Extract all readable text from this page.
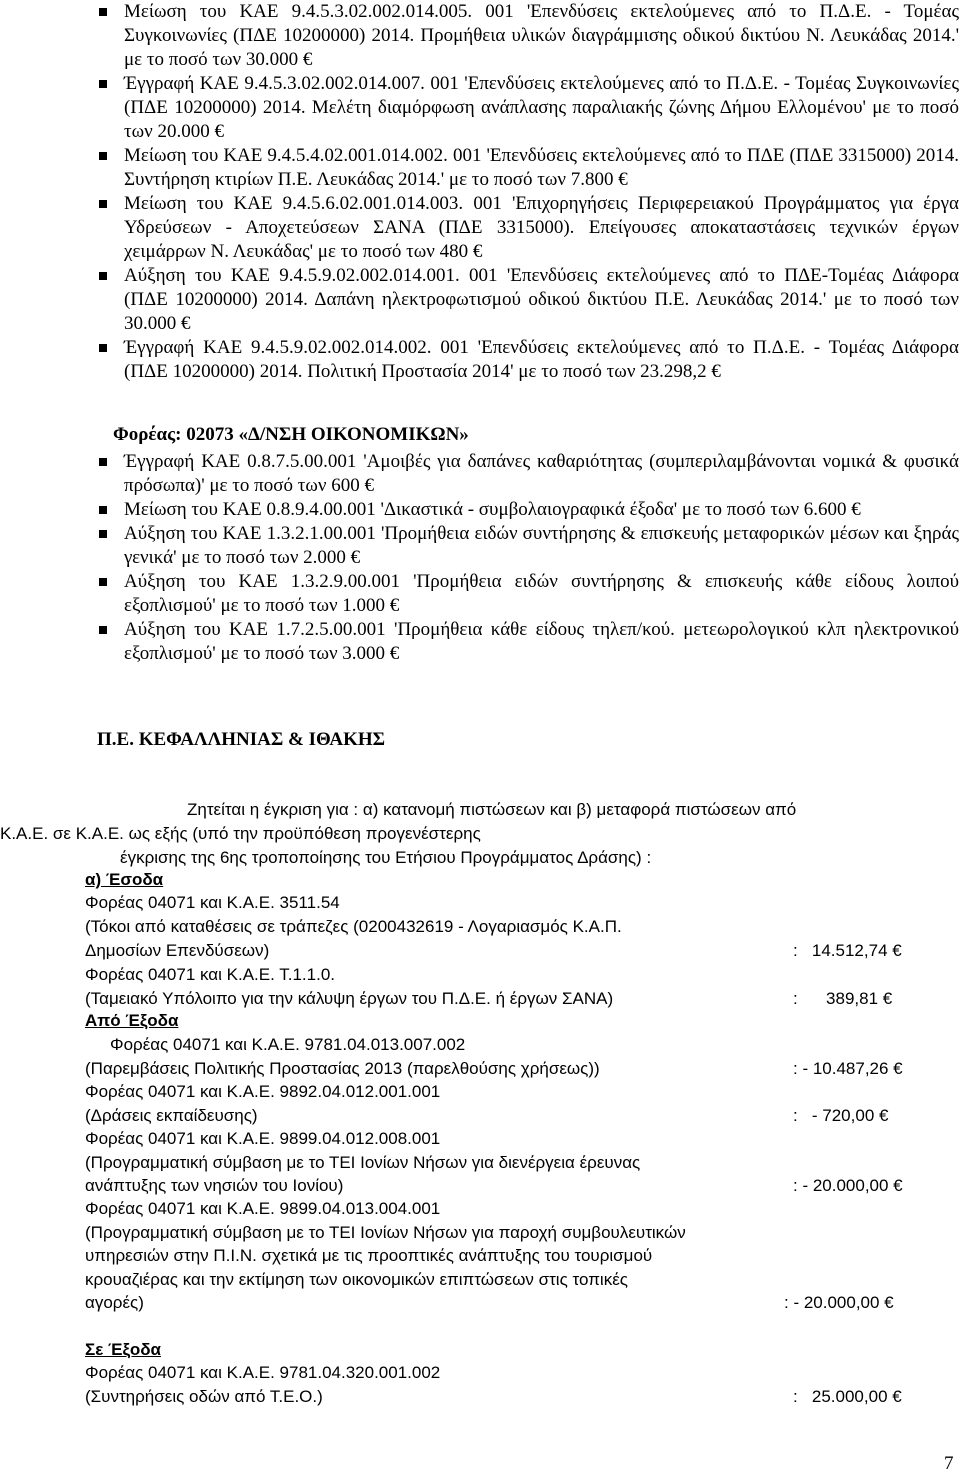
Μείωση του ΚΑΕ 9.4.5.3.02.002.014.005. 001 'Επενδύσεις εκτελούμενες από το Π.Δ.Ε. - Τομέας Συγκοινωνίες (ΠΔΕ 10200000) 2014. Προμήθεια υλικών διαγράμμισης οδικού δικτύου Ν. Λευκάδας 2014.' με το ποσό των 30.000 €
Έγγραφή ΚΑΕ 9.4.5.3.02.002.014.007. 001 'Επενδύσεις εκτελούμενες από το Π.Δ.Ε. - Τομέας Συγκοινωνίες (ΠΔΕ 10200000) 2014. Μελέτη διαμόρφωση ανάπλασης παραλιακής ζώνης Δήμου Ελλομένου' με το ποσό των 20.000 €
Μείωση του ΚΑΕ 9.4.5.4.02.001.014.002. 001 'Επενδύσεις εκτελούμενες από το ΠΔΕ (ΠΔΕ 3315000) 2014. Συντήρηση κτιρίων Π.Ε. Λευκάδας 2014.' με το ποσό των 7.800 €
Μείωση του ΚΑΕ 9.4.5.6.02.001.014.003. 001 'Επιχορηγήσεις Περιφερειακού Προγράμματος για έργα Υδρεύσεων - Αποχετεύσεων ΣΑΝΑ (ΠΔΕ 3315000). Επείγουσες αποκαταστάσεις τεχνικών έργων χειμάρρων Ν. Λευκάδας' με το ποσό των 480 €
Αύξηση του ΚΑΕ 9.4.5.9.02.002.014.001. 001 'Επενδύσεις εκτελούμενες από το ΠΔΕ-Τομέας Διάφορα (ΠΔΕ 10200000) 2014. Δαπάνη ηλεκτροφωτισμού οδικού δικτύου Π.Ε. Λευκάδας 2014.' με το ποσό των 30.000 €
Έγγραφή ΚΑΕ 9.4.5.9.02.002.014.002. 001 'Επενδύσεις εκτελούμενες από το Π.Δ.Ε. - Τομέας Διάφορα (ΠΔΕ 10200000) 2014. Πολιτική Προστασία 2014' με το ποσό των 23.298,2 €
Φορέας: 02073 «Δ/ΝΣΗ ΟΙΚΟΝΟΜΙΚΩΝ»
Έγγραφή ΚΑΕ 0.8.7.5.00.001 'Αμοιβές για δαπάνες καθαριότητας (συμπεριλαμβάνονται νομικά & φυσικά πρόσωπα)' με το ποσό των 600 €
Μείωση του ΚΑΕ 0.8.9.4.00.001 'Δικαστικά - συμβολαιογραφικά έξοδα' με το ποσό των 6.600 €
Αύξηση του ΚΑΕ 1.3.2.1.00.001 'Προμήθεια ειδών συντήρησης & επισκευής μεταφορικών μέσων και ξηράς γενικά' με το ποσό των 2.000 €
Αύξηση του ΚΑΕ 1.3.2.9.00.001 'Προμήθεια ειδών συντήρησης & επισκευής κάθε είδους λοιπού εξοπλισμού' με το ποσό των 1.000 €
Αύξηση του ΚΑΕ 1.7.2.5.00.001 'Προμήθεια κάθε είδους τηλεπ/κού. μετεωρολογικού κλπ ηλεκτρονικού εξοπλισμού' με το ποσό των 3.000 €
Π.Ε. ΚΕΦΑΛΛΗΝΙΑΣ & ΙΘΑΚΗΣ
Ζητείται η έγκριση για : α) κατανομή πιστώσεων και β) μεταφορά πιστώσεων από
Κ.Α.Ε. σε Κ.Α.Ε. ως εξής (υπό την προϋπόθεση προγενέστερης
έγκρισης της 6ης τροποποίησης του Ετήσιου Προγράμματος Δράσης) :
α) Έσοδα
Φορέας 04071 και Κ.Α.Ε. 3511.54
(Τόκοι από καταθέσεις σε τράπεζες (0200432619 - Λογαριασμός Κ.Α.Π.
Δημοσίων Επενδύσεων)	:   14.512,74 €
Φορέας 04071 και Κ.Α.Ε. Τ.1.1.0.
(Ταμειακό Υπόλοιπο για την κάλυψη έργων του Π.Δ.Ε. ή έργων ΣΑΝΑ)	:      389,81 €
Από Έξοδα
Φορέας 04071 και Κ.Α.Ε. 9781.04.013.007.002
(Παρεμβάσεις Πολιτικής Προστασίας 2013 (παρελθούσης χρήσεως))	: - 10.487,26 €
Φορέας 04071 και Κ.Α.Ε. 9892.04.012.001.001
(Δράσεις εκπαίδευσης)	:   - 720,00 €
Φορέας 04071 και Κ.Α.Ε. 9899.04.012.008.001
(Προγραμματική σύμβαση με το ΤΕΙ Ιονίων Νήσων για διενέργεια έρευνας
ανάπτυξης των νησιών του Ιονίου)	: - 20.000,00 €
Φορέας 04071 και Κ.Α.Ε. 9899.04.013.004.001
(Προγραμματική σύμβαση με το ΤΕΙ Ιονίων Νήσων για παροχή συμβουλευτικών
υπηρεσιών στην Π.Ι.Ν. σχετικά με τις προοπτικές ανάπτυξης του τουρισμού
κρουαζιέρας και την εκτίμηση των οικονομικών επιπτώσεων στις τοπικές
αγορές)	: - 20.000,00 €
Σε Έξοδα
Φορέας 04071 και Κ.Α.Ε. 9781.04.320.001.002
(Συντηρήσεις οδών από Τ.Ε.Ο.)	:   25.000,00 €
7
